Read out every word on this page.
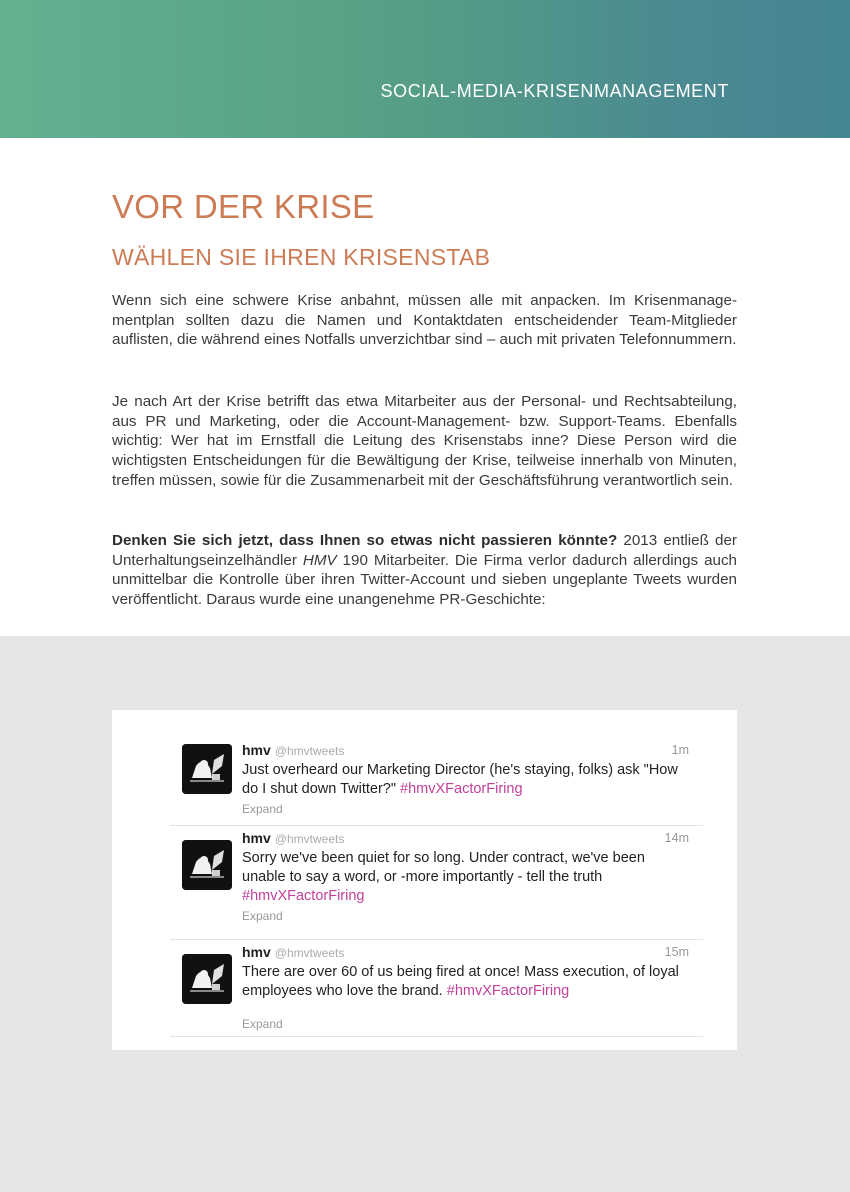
SOCIAL-MEDIA-KRISENMANAGEMENT
VOR DER KRISE
WÄHLEN SIE IHREN KRISENSTAB

Wenn sich eine schwere Krise anbahnt, müssen alle mit anpacken. Im Krisenmanagementplan sollten dazu die Namen und Kontaktdaten entscheidender Team-Mitglieder auflisten, die während eines Notfalls unverzichtbar sind – auch mit privaten Telefonnummern.

Je nach Art der Krise betrifft das etwa Mitarbeiter aus der Personal- und Rechtsabteilung, aus PR und Marketing, oder die Account-Management- bzw. Support-Teams. Ebenfalls wichtig: Wer hat im Ernstfall die Leitung des Krisenstabs inne? Diese Person wird die wichtigsten Entscheidungen für die Bewältigung der Krise, teilweise innerhalb von Minuten, treffen müssen, sowie für die Zusammenarbeit mit der Geschäftsführung verantwortlich sein.

Denken Sie sich jetzt, dass Ihnen so etwas nicht passieren könnte? 2013 entließ der Unterhaltungseinzelhändler HMV 190 Mitarbeiter. Die Firma verlor dadurch allerdings auch unmittelbar die Kontrolle über ihren Twitter-Account und sieben ungeplante Tweets wurden veröffentlicht. Daraus wurde eine unangenehme PR-Geschichte:

hmv @hmvtweets	1m
Just overheard our Marketing Director (he's staying, folks) ask "How do I shut down Twitter?" #hmvXFactorFiring
Expand
hmv @hmvtweets	14m
Sorry we've been quiet for so long. Under contract, we've been unable to say a word, or -more importantly - tell the truth #hmvXFactorFiring
Expand
hmv @hmvtweets	15m
There are over 60 of us being fired at once! Mass execution, of loyal employees who love the brand. #hmvXFactorFiring
Expand
